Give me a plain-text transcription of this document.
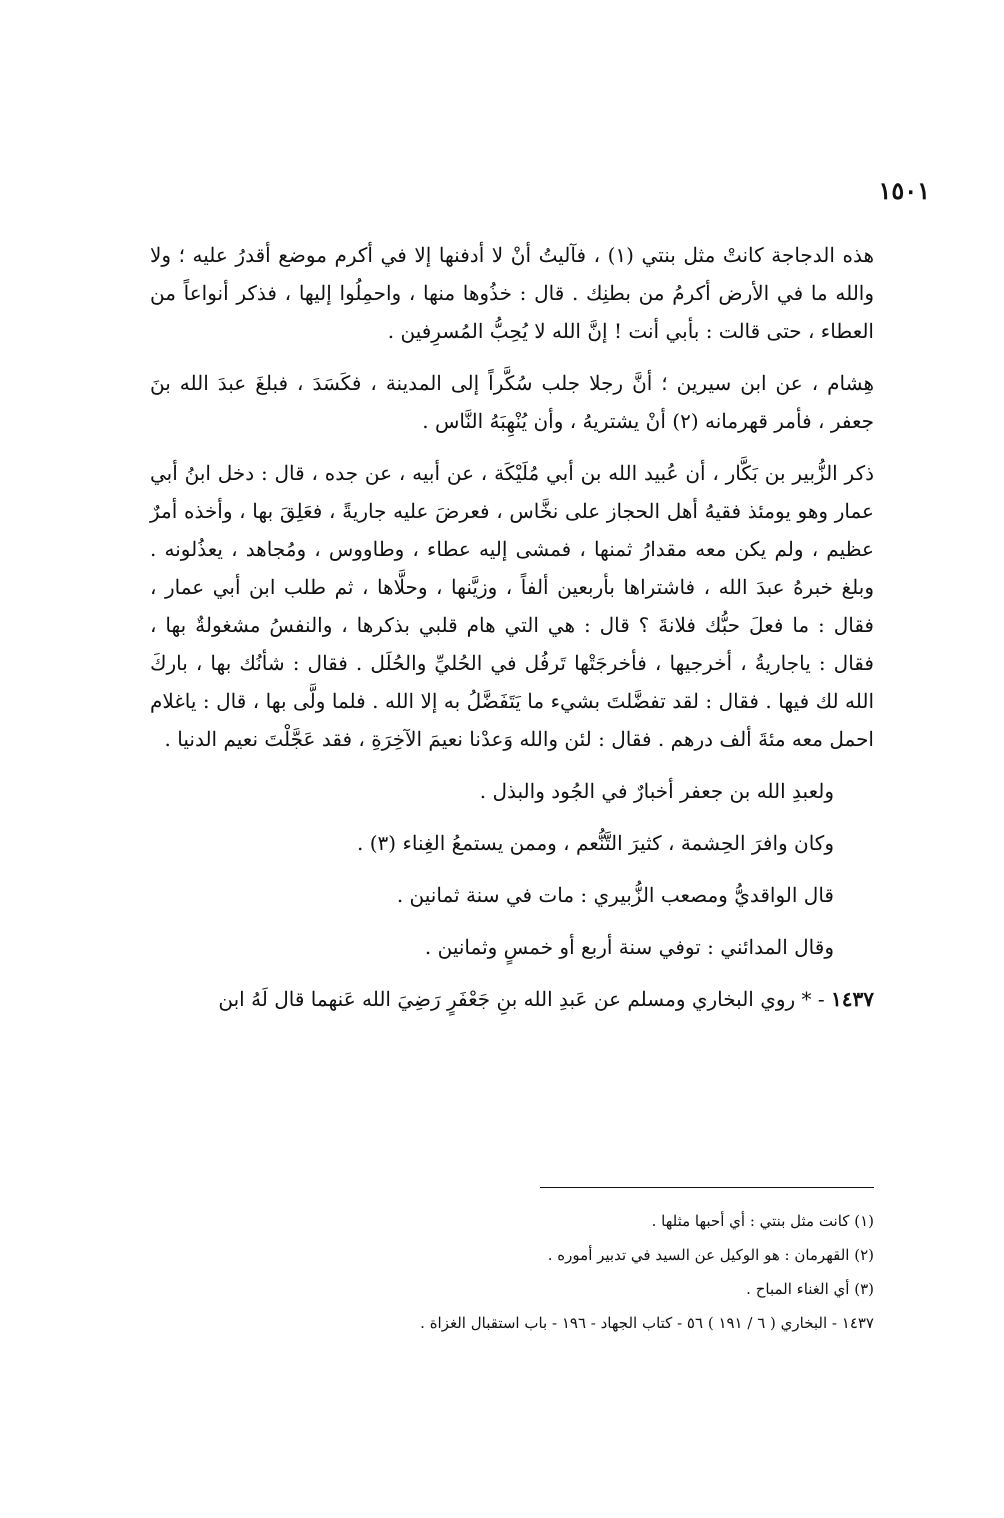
١٥٠١

هذه الدجاجة كانتْ مثل بنتي (١) ، فآليتُ أنْ لا أدفنها إلا في أكرم موضع أقدرُ عليه ؛ ولا والله ما في الأرض أكرمُ من بطنِك . قال : خذُوها منها ، واحمِلُوا إليها ، فذكر أنواعاً من العطاء ، حتى قالت : بأبي أنت ! إنَّ الله لا يُحِبُّ المُسرِفين .

هِشام ، عن ابن سيرين ؛ أنَّ رجلا جلب سُكَّراً إلى المدينة ، فكَسَدَ ، فبلغَ عبدَ الله بنَ جعفر ، فأمر قهرمانه (٢) أنْ يشتريهُ ، وأن يُنْهِبَهُ النَّاس .

ذكر الزُّبير بن بَكَّار ، أن عُبيد الله بن أبي مُلَيْكَة ، عن أبيه ، عن جده ، قال : دخل ابنُ أبي عمار وهو يومئذ فقيهُ أهل الحجاز على نخَّاس ، فعرضَ عليه جاريةً ، فعَلِقَ بها ، وأخذه أمرٌ عظيم ، ولم يكن معه مقدارُ ثمنها ، فمشى إليه عطاء ، وطاووس ، ومُجاهد ، يعذُلونه . وبلغ خبرهُ عبدَ الله ، فاشتراها بأربعين ألفاً ، وزيَّنها ، وحلَّاها ، ثم طلب ابن أبي عمار ، فقال : ما فعلَ حبُّك فلانةَ ؟ قال : هي التي هام قلبي بذكرها ، والنفسُ مشغولةٌ بها ، فقال : ياجاريةُ ، أخرجيها ، فأخرجَتْها تَرفُل في الحُليِّ والحُلَل . فقال : شأنُك بها ، باركَ الله لك فيها . فقال : لقد تفضَّلتَ بشيء ما يَتَفَضَّلُ به إلا الله . فلما ولَّى بها ، قال : ياغلام احمل معه مئةَ ألف درهم . فقال : لئن والله وَعدْنا نعيمَ الآخِرَةِ ، فقد عَجَّلْتَ نعيم الدنيا .

ولعبدِ الله بن جعفر أخبارٌ في الجُود والبذل .

وكان وافرَ الحِشمة ، كثيرَ التَّنُّعم ، وممن يستمعُ الغِناء (٣) .

قال الواقديُّ ومصعب الزُّبيري : مات في سنة ثمانين .

وقال المدائني : توفي سنة أربع أو خمسٍ وثمانين .

١٤٣٧ - * روي البخاري ومسلم عن عَبدِ الله بنِ جَعْفَرٍ رَضِيَ الله عَنهما قال لَهُ ابن

(١) كانت مثل بنتي : أي أحبها مثلها .

(٢) القهرمان : هو الوكيل عن السيد في تدبير أموره .

(٣) أي الغناء المباح .

١٤٣٧ - البخاري ( ٦ / ١٩١ ) ٥٦ - كتاب الجهاد - ١٩٦ - باب استقبال الغزاة .
